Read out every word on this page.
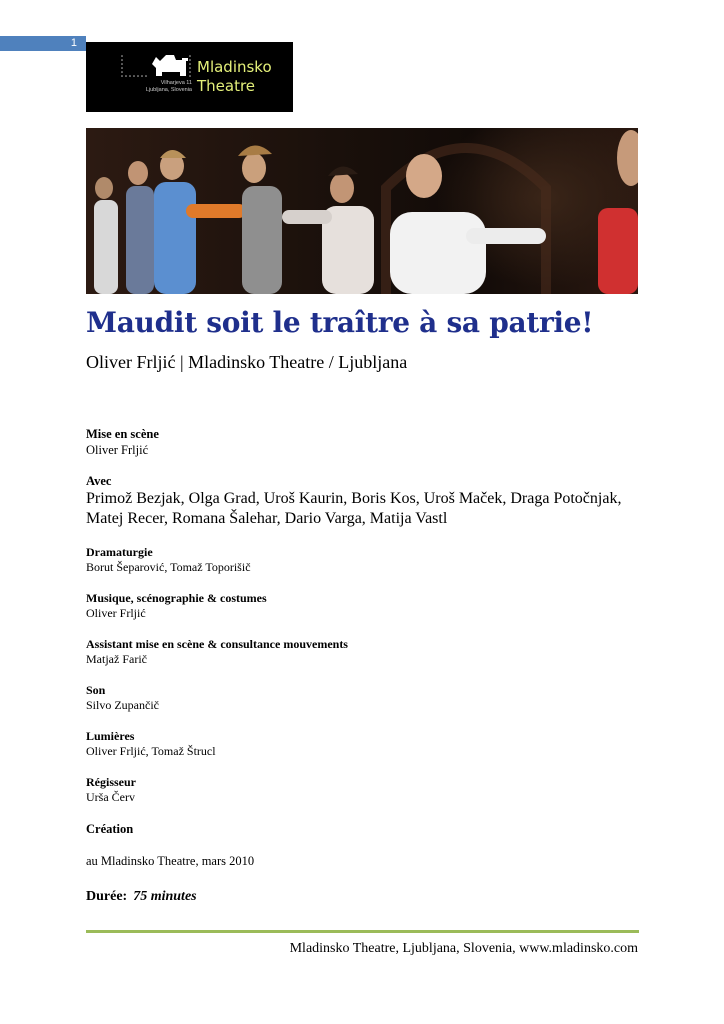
1
Mladinsko
Theatre
Vilharjeva 11
Ljubljana, Slovenia
Maudit soit le traître à sa patrie!
Oliver Frljić | Mladinsko Theatre / Ljubljana
Mise en scène
Oliver Frljić
Avec
Primož Bezjak, Olga Grad, Uroš Kaurin, Boris Kos, Uroš Maček, Draga Potočnjak, Matej Recer, Romana Šalehar, Dario Varga, Matija Vastl
Dramaturgie
Borut Šeparović, Tomaž Toporišič
Musique, scénographie & costumes
Oliver Frljić
Assistant mise en scène & consultance mouvements
Matjaž Farič
Son
Silvo Zupančič
Lumières
Oliver Frljić, Tomaž Štrucl
Régisseur
Urša Červ
Création
au Mladinsko Theatre, mars 2010
Durée: 75 minutes
Mladinsko Theatre, Ljubljana, Slovenia, www.mladinsko.com
